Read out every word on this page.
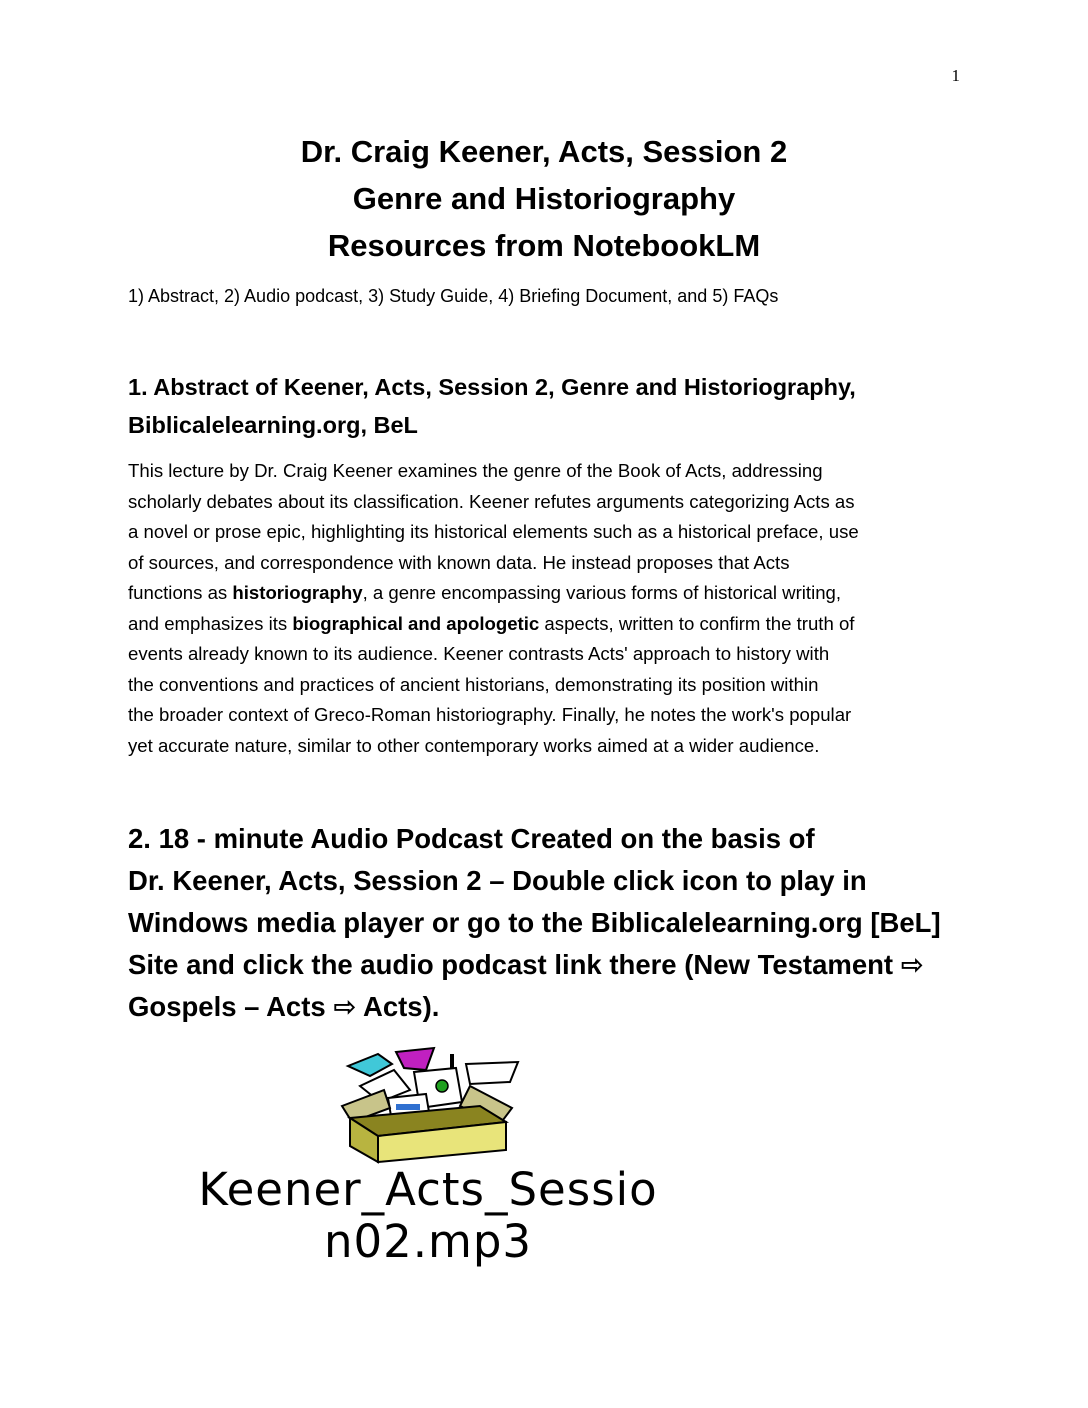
1
Dr. Craig Keener, Acts, Session 2
Genre and Historiography
Resources from NotebookLM
1) Abstract, 2) Audio podcast, 3) Study Guide, 4) Briefing Document, and 5) FAQs
1. Abstract of Keener, Acts, Session 2, Genre and Historiography,
Biblicalelearning.org, BeL
This lecture by Dr. Craig Keener examines the genre of the Book of Acts, addressing
scholarly debates about its classification. Keener refutes arguments categorizing Acts as
a novel or prose epic, highlighting its historical elements such as a historical preface, use
of sources, and correspondence with known data. He instead proposes that Acts
functions as historiography, a genre encompassing various forms of historical writing,
and emphasizes its biographical and apologetic aspects, written to confirm the truth of
events already known to its audience. Keener contrasts Acts' approach to history with
the conventions and practices of ancient historians, demonstrating its position within
the broader context of Greco-Roman historiography. Finally, he notes the work's popular
yet accurate nature, similar to other contemporary works aimed at a wider audience.
2. 18 - minute Audio Podcast Created on the basis of
Dr. Keener, Acts, Session 2 – Double click icon to play in
Windows media player or go to the Biblicalelearning.org [BeL]
Site and click the audio podcast link there (New Testament ⇨
Gospels – Acts ⇨ Acts).
Keener_Acts_Sessio
n02.mp3
